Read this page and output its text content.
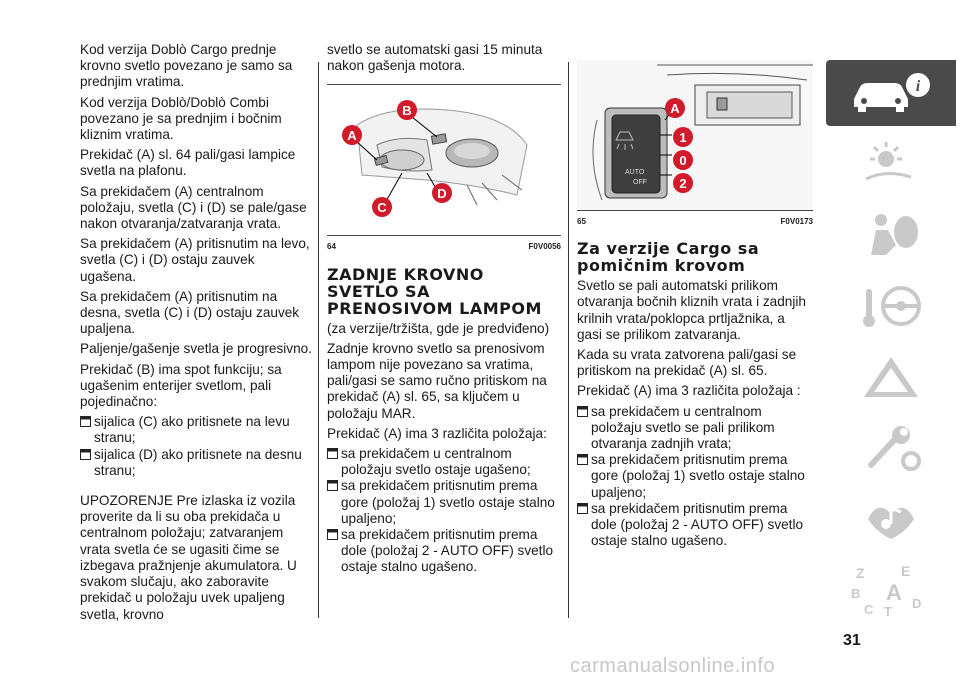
Kod verzija Doblò Cargo prednje krovno svetlo povezano je samo sa prednjim vratima.

Kod verzija Doblò/Doblò Combi povezano je sa prednjim i bočnim kliznim vratima.

Prekidač (A) sl. 64 pali/gasi lampice svetla na plafonu.

Sa prekidačem (A) centralnom položaju, svetla (C) i (D) se pale/gase nakon otvaranja/zatvaranja vrata.

Sa prekidačem (A) pritisnutim na levo, svetla (C) i (D) ostaju zauvek ugašena.

Sa prekidačem (A) pritisnutim na desna, svetla (C) i (D) ostaju zauvek upaljena.

Paljenje/gašenje svetla je progresivno.

Prekidač (B) ima spot funkciju; sa ugašenim enterijer svetlom, pali pojedinačno:

sijalica (C) ako pritisnete na levu stranu;
sijalica (D) ako pritisnete na desnu stranu;

UPOZORENJE Pre izlaska iz vozila proverite da li su oba prekidača u centralnom položaju; zatvaranjem vrata svetla će se ugasiti čime se izbegava pražnjenje akumulatora. U svakom slučaju, ako zaboravite prekidač u položaju uvek upaljeng svetla, krovno

svetlo se automatski gasi 15 minuta nakon gašenja motora.

A
B
C
D
64	F0V0056
ZADNJE KROVNO SVETLO SA PRENOSIVOM LAMPOM

(za verzije/tržišta, gde je predviđeno)

Zadnje krovno svetlo sa prenosivom lampom nije povezano sa vratima, pali/gasi se samo ručno pritiskom na prekidač (A) sl. 65, sa ključem u položaju MAR.

Prekidač (A) ima 3 različita položaja:

sa prekidačem u centralnom položaju svetlo ostaje ugašeno;
sa prekidačem pritisnutim prema gore (položaj 1) svetlo ostaje stalno upaljeno;
sa prekidačem pritisnutim prema dole (položaj 2 - AUTO OFF) svetlo ostaje stalno ugašeno.
AUTO
OFF
A
1
0
2
65	F0V0173
Za verzije Cargo sa pomičnim krovom

Svetlo se pali automatski prilikom otvaranja bočnih kliznih vrata i zadnjih krilnih vrata/poklopca prtljažnika, a gasi se prilikom zatvaranja.

Kada su vrata zatvorena pali/gasi se pritiskom na prekidač (A) sl. 65.

Prekidač (A) ima 3 različita položaja :

sa prekidačem u centralnom položaju svetlo se pali prilikom otvaranja zadnjih vrata;
sa prekidačem pritisnutim prema gore (položaj 1) svetlo ostaje stalno upaljeno;
sa prekidačem pritisnutim prema dole (položaj 2 - AUTO OFF) svetlo ostaje stalno ugašeno.
i
Z	E
B A
C T
D
31
carmanualsonline.info
